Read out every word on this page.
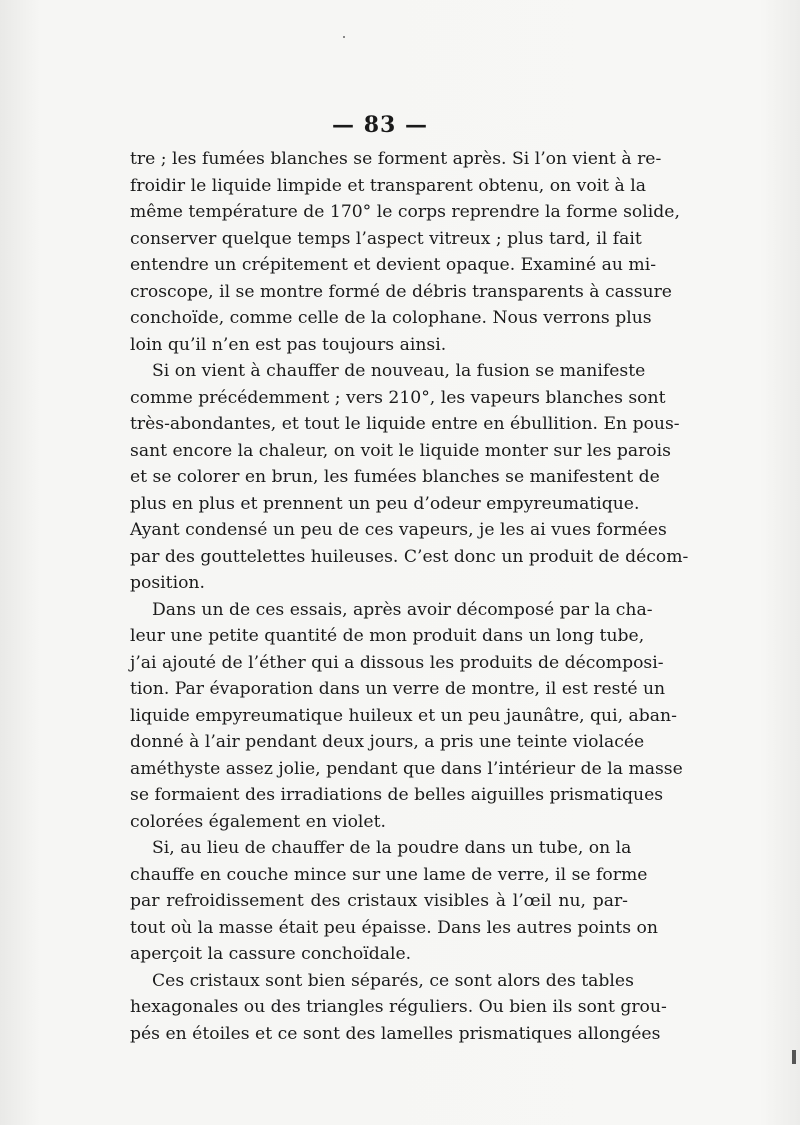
— 83 —
tre ; les fumées blanches se forment après. Si l’on vient à re-
froidir le liquide limpide et transparent obtenu, on voit à la
même température de 170° le corps reprendre la forme solide,
conserver quelque temps l’aspect vitreux ; plus tard, il fait
entendre un crépitement et devient opaque. Examiné au mi-
croscope, il se montre formé de débris transparents à cassure
conchoïde, comme celle de la colophane. Nous verrons plus
loin qu’il n’en est pas toujours ainsi.
Si on vient à chauffer de nouveau, la fusion se manifeste
comme précédemment ; vers 210°, les vapeurs blanches sont
très-abondantes, et tout le liquide entre en ébullition. En pous-
sant encore la chaleur, on voit le liquide monter sur les parois
et se colorer en brun, les fumées blanches se manifestent de
plus en plus et prennent un peu d’odeur empyreumatique.
Ayant condensé un peu de ces vapeurs, je les ai vues formées
par des gouttelettes huileuses. C’est donc un produit de décom-
position.
Dans un de ces essais, après avoir décomposé par la cha-
leur une petite quantité de mon produit dans un long tube,
j’ai ajouté de l’éther qui a dissous les produits de décomposi-
tion. Par évaporation dans un verre de montre, il est resté un
liquide empyreumatique huileux et un peu jaunâtre, qui, aban-
donné à l’air pendant deux jours, a pris une teinte violacée
améthyste assez jolie, pendant que dans l’intérieur de la masse
se formaient des irradiations de belles aiguilles prismatiques
colorées également en violet.
Si, au lieu de chauffer de la poudre dans un tube, on la
chauffe en couche mince sur une lame de verre, il se forme
par refroidissement des cristaux visibles à l’œil nu, par-
tout où la masse était peu épaisse. Dans les autres points on
aperçoit la cassure conchoïdale.
Ces cristaux sont bien séparés, ce sont alors des tables
hexagonales ou des triangles réguliers. Ou bien ils sont grou-
pés en étoiles et ce sont des lamelles prismatiques allongées
